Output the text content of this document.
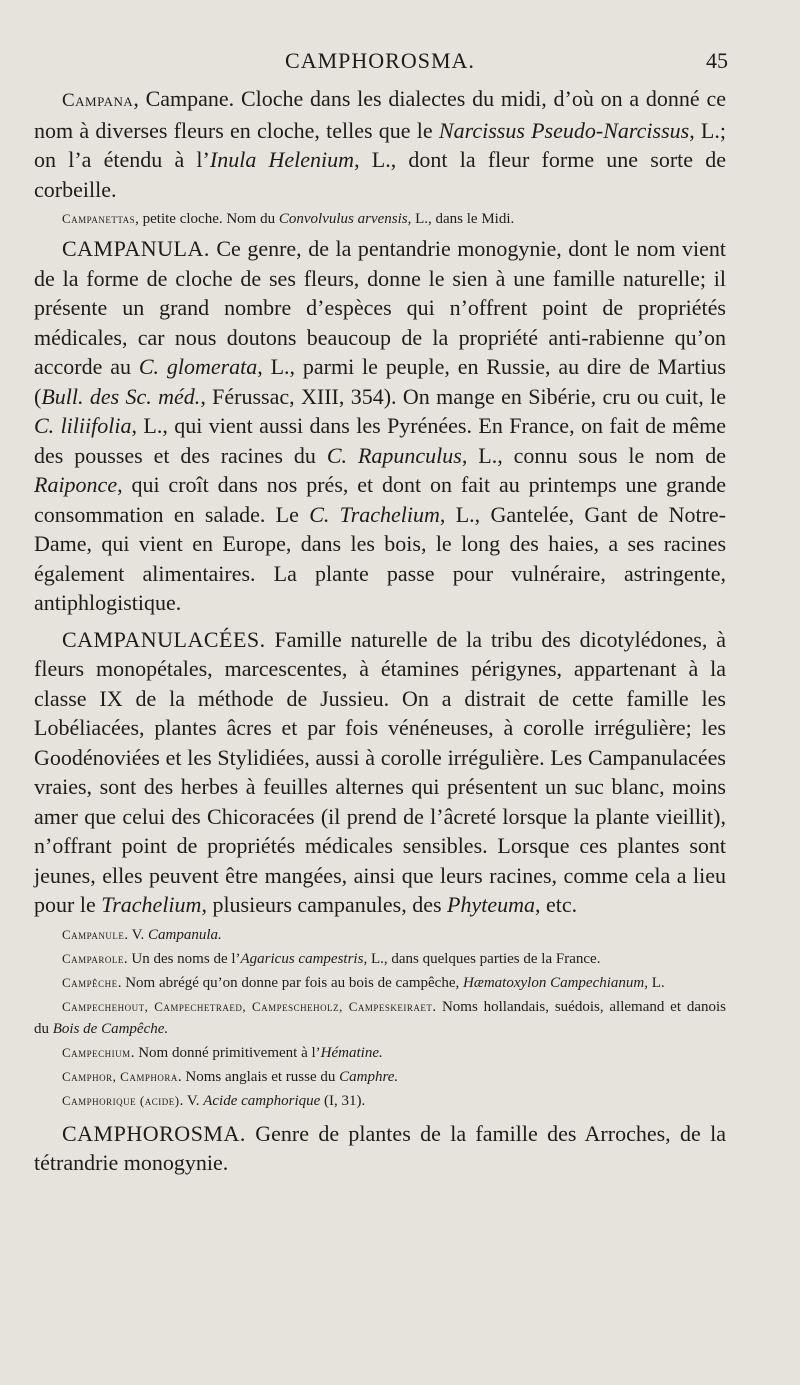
CAMPHOROSMA.	45

Campana, Campane. Cloche dans les dialectes du midi, d’où on a donné ce nom à diverses fleurs en cloche, telles que le Narcissus Pseudo-Narcissus, L.; on l’a étendu à l’Inula Helenium, L., dont la fleur forme une sorte de corbeille.

Campanettas, petite cloche. Nom du Convolvulus arvensis, L., dans le Midi.

CAMPANULA. Ce genre, de la pentandrie monogynie, dont le nom vient de la forme de cloche de ses fleurs, donne le sien à une famille naturelle; il présente un grand nombre d’espèces qui n’offrent point de propriétés médicales, car nous doutons beaucoup de la propriété anti-rabienne qu’on accorde au C. glomerata, L., parmi le peuple, en Russie, au dire de Martius (Bull. des Sc. méd., Férussac, XIII, 354). On mange en Sibérie, cru ou cuit, le C. liliifolia, L., qui vient aussi dans les Pyrénées. En France, on fait de même des pousses et des racines du C. Rapunculus, L., connu sous le nom de Raiponce, qui croît dans nos prés, et dont on fait au printemps une grande consommation en salade. Le C. Trachelium, L., Gantelée, Gant de Notre-Dame, qui vient en Europe, dans les bois, le long des haies, a ses racines également alimentaires. La plante passe pour vulnéraire, astringente, antiphlogistique.

CAMPANULACÉES. Famille naturelle de la tribu des dicotylédones, à fleurs monopétales, marcescentes, à étamines périgynes, appartenant à la classe IX de la méthode de Jussieu. On a distrait de cette famille les Lobéliacées, plantes âcres et par fois vénéneuses, à corolle irrégulière; les Goodénoviées et les Stylidiées, aussi à corolle irrégulière. Les Campanulacées vraies, sont des herbes à feuilles alternes qui présentent un suc blanc, moins amer que celui des Chicoracées (il prend de l’âcreté lorsque la plante vieillit), n’offrant point de propriétés médicales sensibles. Lorsque ces plantes sont jeunes, elles peuvent être mangées, ainsi que leurs racines, comme cela a lieu pour le Trachelium, plusieurs campanules, des Phyteuma, etc.

Campanule. V. Campanula.

Camparole. Un des noms de l’Agaricus campestris, L., dans quelques parties de la France.

Campêche. Nom abrégé qu’on donne par fois au bois de campêche, Hæmatoxylon Campechianum, L.

Campechehout, Campechetraed, Campescheholz, Campeskeiraet. Noms hollandais, suédois, allemand et danois du Bois de Campêche.

Campechium. Nom donné primitivement à l’Hématine.

Camphor, Camphora. Noms anglais et russe du Camphre.

Camphorique (acide). V. Acide camphorique (I, 31).

CAMPHOROSMA. Genre de plantes de la famille des Arroches, de la tétrandrie monogynie.
